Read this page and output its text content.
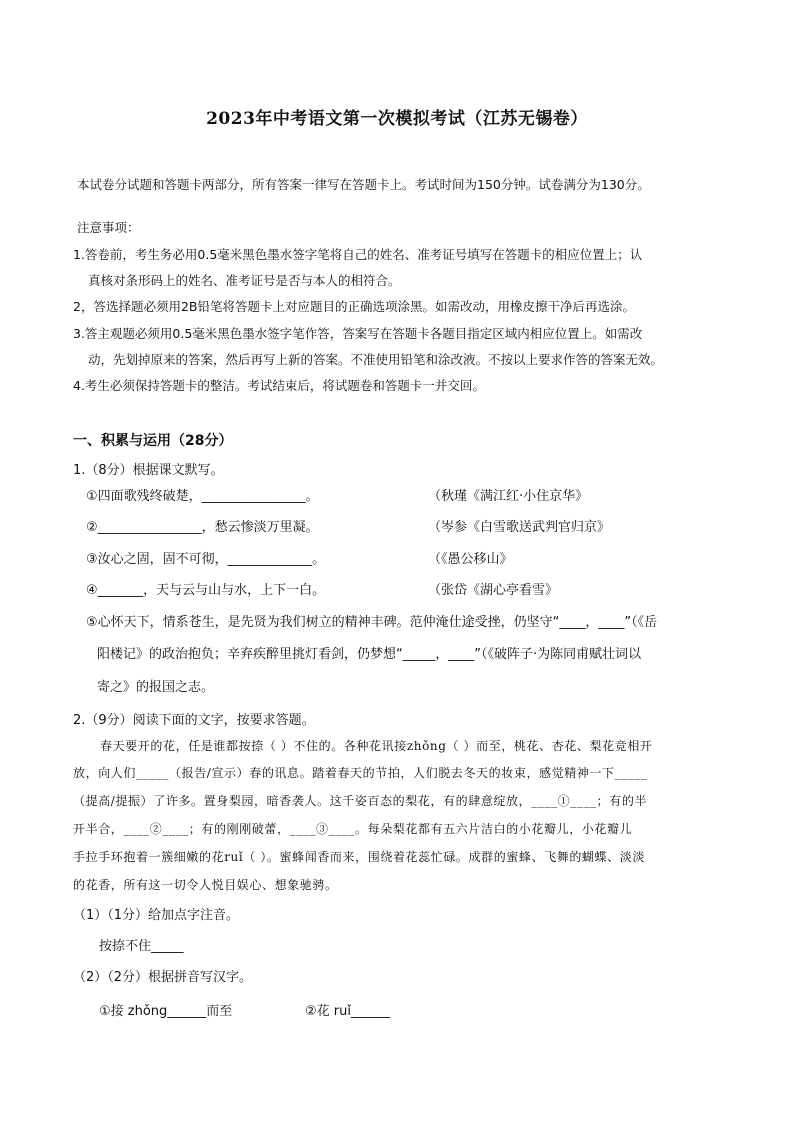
2023年中考语文第一次模拟考试（江苏无锡卷）
本试卷分试题和答题卡两部分，所有答案一律写在答题卡上。考试时间为150分钟。试卷满分为130分。
注意事项：
1.答卷前，考生务必用0.5毫米黑色墨水签字笔将自己的姓名、准考证号填写在答题卡的相应位置上；认
真核对条形码上的姓名、准考证号是否与本人的相符合。
2，答选择题必须用2B铅笔将答题卡上对应题目的正确选项涂黑。如需改动，用橡皮擦干净后再选涂。
3.答主观题必须用0.5毫米黑色墨水签字笔作答，答案写在答题卡各题目指定区域内相应位置上。如需改
动，先划掉原来的答案，然后再写上新的答案。不准使用铅笔和涂改液。不按以上要求作答的答案无效。
4.考生必须保持答题卡的整洁。考试结束后，将试题卷和答题卡一并交回。
一、积累与运用（28分）
1.（8分）根据课文默写。
①四面歌残终破楚，________________。	（秋瑾《满江红·小住京华》
②________________，愁云惨淡万里凝。	（岑参《白雪歌送武判官归京》
③汝心之固，固不可彻，_____________。	（《愚公移山》
④_______，天与云与山与水，上下一白。	（张岱《湖心亭看雪》
⑤心怀天下，情系苍生，是先贤为我们树立的精神丰碑。范仲淹仕途受挫，仍坚守“____，____”（《岳
阳楼记》的政治抱负；辛弃疾醉里挑灯看剑，仍梦想“_____，____”（《破阵子·为陈同甫赋壮词以
寄之》的报国之志。
2.（9分）阅读下面的文字，按要求答题。
春天要开的花，任是谁都按捺（ ）不住的。各种花讯接zhǒng（ ）而至，桃花、杏花、梨花竞相开
放，向人们_____（报告/宣示）春的讯息。踏着春天的节拍，人们脱去冬天的妆束，感觉精神一下_____
（提高/提振）了许多。置身梨园，暗香袭人。这千姿百态的梨花，有的肆意绽放，____①____；有的半
开半合，____②____；有的刚刚破蕾，____③____。每朵梨花都有五六片洁白的小花瓣儿，小花瓣儿
手拉手环抱着一簇细嫩的花ruǐ（ ）。蜜蜂闻香而来，围绕着花蕊忙碌。成群的蜜蜂、飞舞的蝴蝶、淡淡
的花香，所有这一切令人悦目娱心、想象驰骋。
（1）（1分）给加点字注音。
按捺不住_____
（2）（2分）根据拼音写汉字。
①接 zhǒng______而至	②花 ruǐ______
